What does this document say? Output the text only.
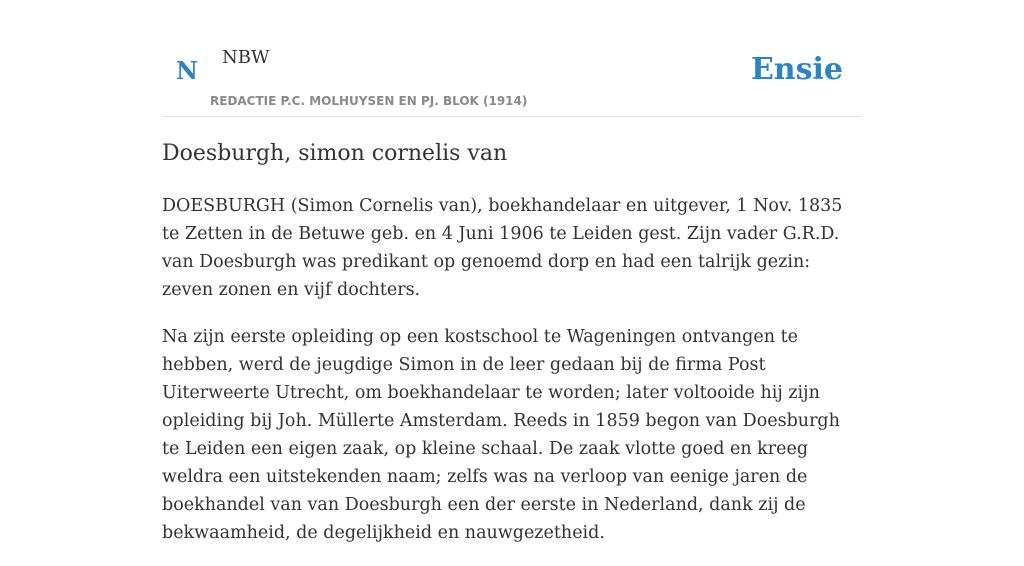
N NBW
REDACTIE P.C. MOLHUYSEN EN PJ. BLOK (1914)
Ensie
Doesburgh, simon cornelis van

DOESBURGH (Simon Cornelis van), boekhandelaar en uitgever, 1 Nov. 1835 te Zetten in de Betuwe geb. en 4 Juni 1906 te Leiden gest. Zijn vader G.R.D. van Doesburgh was predikant op genoemd dorp en had een talrijk gezin: zeven zonen en vijf dochters.

Na zijn eerste opleiding op een kostschool te Wageningen ontvangen te hebben, werd de jeugdige Simon in de leer gedaan bij de firma Post Uiterweerte Utrecht, om boekhandelaar te worden; later voltooide hij zijn opleiding bij Joh. Müllerte Amsterdam. Reeds in 1859 begon van Doesburgh te Leiden een eigen zaak, op kleine schaal. De zaak vlotte goed en kreeg weldra een uitstekenden naam; zelfs was na verloop van eenige jaren de boekhandel van van Doesburgh een der eerste in Nederland, dank zij de bekwaamheid, de degelijkheid en nauwgezetheid.
